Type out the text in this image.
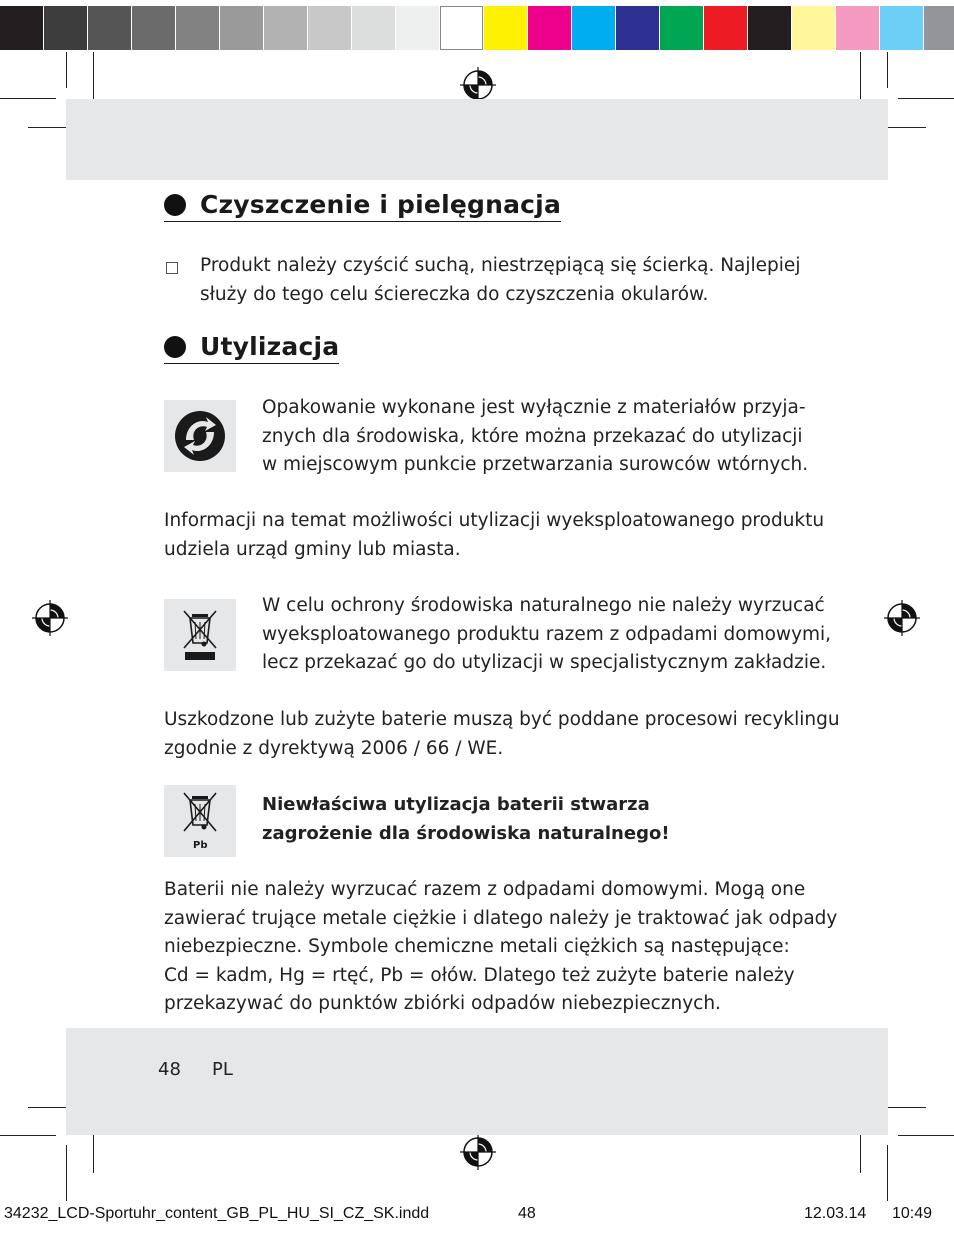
Czyszczenie i pielęgnacja
Produkt należy czyścić suchą, niestrzępiącą się ścierką. Najlepiej
służy do tego celu ściereczka do czyszczenia okularów.
Utylizacja
Opakowanie wykonane jest wyłącznie z materiałów przyja-
znych dla środowiska, które można przekazać do utylizacji
w miejscowym punkcie przetwarzania surowców wtórnych.
Informacji na temat możliwości utylizacji wyeksploatowanego produktu
udziela urząd gminy lub miasta.
W celu ochrony środowiska naturalnego nie należy wyrzucać
wyeksploatowanego produktu razem z odpadami domowymi,
lecz przekazać go do utylizacji w specjalistycznym zakładzie.
Uszkodzone lub zużyte baterie muszą być poddane procesowi recyklingu
zgodnie z dyrektywą 2006 / 66 / WE.
Pb
Niewłaściwa utylizacja baterii stwarza
zagrożenie dla środowiska naturalnego!
Baterii nie należy wyrzucać razem z odpadami domowymi. Mogą one
zawierać trujące metale ciężkie i dlatego należy je traktować jak odpady
niebezpieczne. Symbole chemiczne metali ciężkich są następujące:
Cd = kadm, Hg = rtęć, Pb = ołów. Dlatego też zużyte baterie należy
przekazywać do punktów zbiórki odpadów niebezpiecznych.
48 PL
34232_LCD-Sportuhr_content_GB_PL_HU_SI_CZ_SK.indd	48	12.03.14 10:49
